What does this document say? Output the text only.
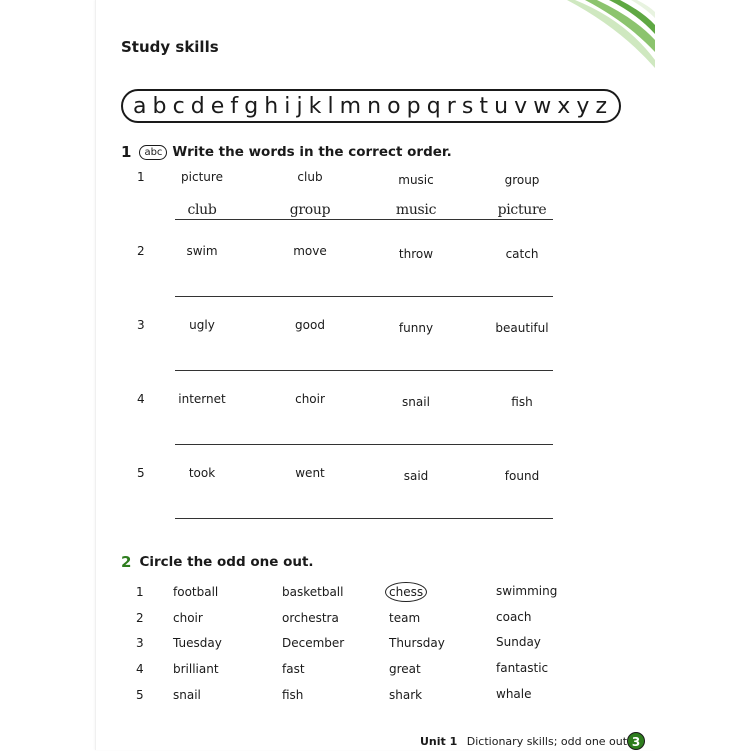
Study skills
a b c d e f g h i j k l m n o p q r s t u v w x y z
1	abc Write the words in the correct order.
1	picture	club	music	group
club	group	music	picture
2	swim	move	throw	catch
3	ugly	good	funny	beautiful
4	internet	choir	snail	fish
5	took	went	said	found
2 Circle the odd one out.
1 football	basketball	chess	swimming
2 choir	orchestra	team	coach
3 Tuesday	December	Thursday	Sunday
4 brilliant	fast	great	fantastic
5 snail	fish	shark	whale
Unit 1 Dictionary skills; odd one out 3
